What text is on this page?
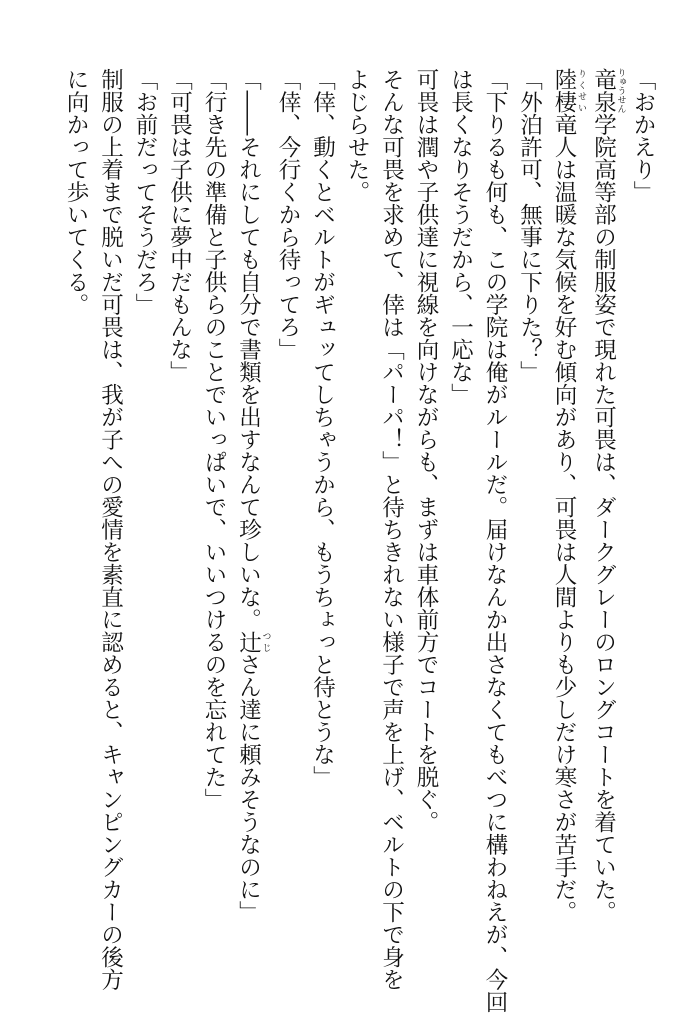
「おかえり」
竜泉 りゅうせん学院高等部の制服姿で現れた可畏は、ダークグレーのロングコートを着ていた。
陸棲 りくせい竜人は温暖な気候を好む傾向があり、可畏は人間よりも少しだけ寒さが苦手だ。
「外泊許可、無事に下りた？」
「下りるも何も、この学院は俺がルールだ。届けなんか出さなくてもべつに構わねえが、今回
は長くなりそうだから、一応な」
可畏は潤や子供達に視線を向けながらも、まずは車体前方でコートを脱ぐ。
そんな可畏を求めて、倖は「パーパ！」と待ちきれない様子で声を上げ、ベルトの下で身を
よじらせた。
「倖、動くとベルトがギュッてしちゃうから、もうちょっと待とうな」
「倖、今行くから待ってろ」
「――それにしても自分で書類を出すなんて珍しいな。辻 つじさん達に頼みそうなのに」
「行き先の準備と子供らのことでいっぱいで、いいつけるのを忘れてた」
「可畏は子供に夢中だもんな」
「お前だってそうだろ」
制服の上着まで脱いだ可畏は、我が子への愛情を素直に認めると、キャンピングカーの後方
に向かって歩いてくる。
